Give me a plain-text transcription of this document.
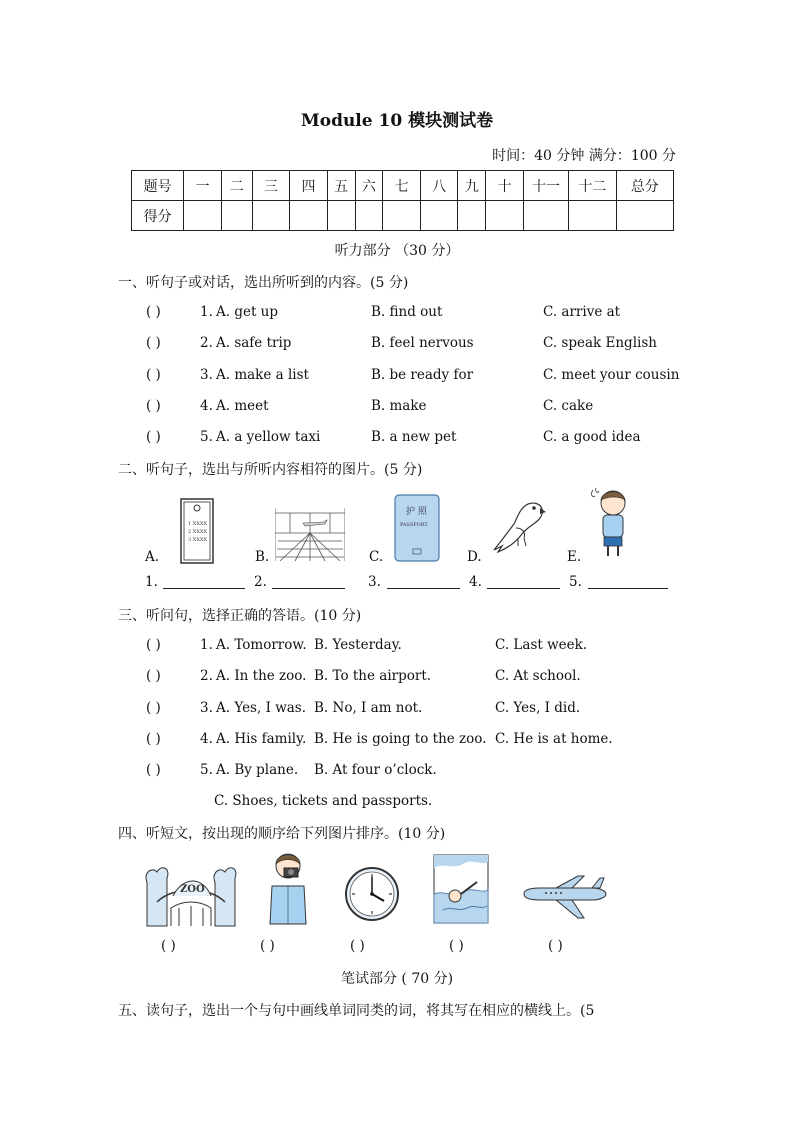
Module 10 模块测试卷
时间：40 分钟 满分：100 分
题号	一	二	三	四	五	六	七	八	九	十	十一	十二	总分
得分													
听力部分 （30 分）
一、听句子或对话，选出所听到的内容。(5 分)
( )	1. A. get up	B. find out	C. arrive at
( )	2. A. safe trip	B. feel nervous	C. speak English
( )	3. A. make a list	B. be ready for	C. meet your cousin
( )	4. A. meet	B. make	C. cake
( )	5. A. a yellow taxi	B. a new pet	C. a good idea
二、听句子，选出与所听内容相符的图片。(5 分)
1 XXXX
2 XXXX
3 XXXX
护 照
PASSPORT
A.	B.	C.	D.	E.
1.	2.	3.	4.	5.
三、听问句，选择正确的答语。(10 分)
( )	1. A. Tomorrow. B. Yesterday.	C. Last week.
( )	2. A. In the zoo. B. To the airport.	C. At school.
( )	3. A. Yes, I was. B. No, I am not.	C. Yes, I did.
( )	4. A. His family. B. He is going to the zoo. C. He is at home.
( )	5. A. By plane. B. At four o’clock.
C. Shoes, tickets and passports.
四、听短文，按出现的顺序给下列图片排序。(10 分)
ZOO
( )	( )	( )	( )	( )
笔试部分 ( 70 分)
五、读句子，选出一个与句中画线单词同类的词，将其写在相应的横线上。(5
